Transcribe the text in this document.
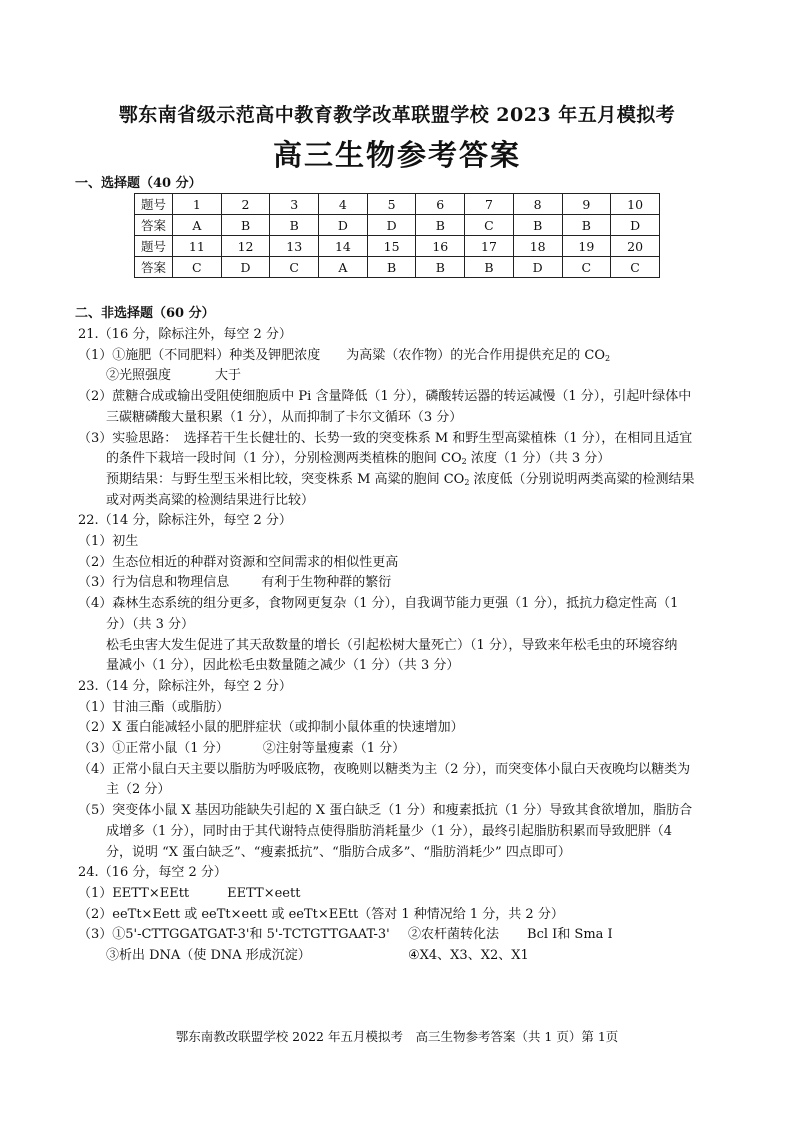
鄂东南省级示范高中教育教学改革联盟学校 2023 年五月模拟考
高三生物参考答案
一、选择题（40 分）
题号	1	2	3	4	5	6	7	8	9	10
答案	A	B	B	D	D	B	C	B	B	D
题号	11	12	13	14	15	16	17	18	19	20
答案	C	D	C	A	B	B	B	D	C	C
二、非选择题（60 分）
21.（16 分，除标注外，每空 2 分）
（1）①施肥（不同肥料）种类及钾肥浓度 为高粱（农作物）的光合作用提供充足的 $CO_2$
②光照强度	大于
（2）蔗糖合成或输出受阻使细胞质中 Pi 含量降低（1 分），磷酸转运器的转运减慢（1 分），引起叶绿体中
三碳糖磷酸大量积累（1 分），从而抑制了卡尔文循环（3 分）
（3）实验思路：　选择若干生长健壮的、长势一致的突变株系 M 和野生型高粱植株（1 分），在相同且适宜
的条件下栽培一段时间（1 分），分别检测两类植株的胞间 $CO_2$ 浓度（1 分）（共 3 分）
预期结果：与野生型玉米相比较，突变株系 M 高粱的胞间 $CO_2$ 浓度低（分别说明两类高粱的检测结果
或对两类高粱的检测结果进行比较）
22.（14 分，除标注外，每空 2 分）
（1）初生
（2）生态位相近的种群对资源和空间需求的相似性更高
（3）行为信息和物理信息 有利于生物种群的繁衍
（4）森林生态系统的组分更多，食物网更复杂（1 分），自我调节能力更强（1 分），抵抗力稳定性高（1
分）（共 3 分）
松毛虫害大发生促进了其天敌数量的增长（引起松树大量死亡）（1 分），导致来年松毛虫的环境容纳
量减小（1 分），因此松毛虫数量随之减少（1 分）（共 3 分）
23.（14 分，除标注外，每空 2 分）
（1）甘油三酯（或脂肪）
（2）X 蛋白能减轻小鼠的肥胖症状（或抑制小鼠体重的快速增加）
（3）①正常小鼠（1 分）	②注射等量瘦素（1 分）
（4）正常小鼠白天主要以脂肪为呼吸底物，夜晚则以糖类为主（2 分），而突变体小鼠白天夜晚均以糖类为
主（2 分）
（5）突变体小鼠 X 基因功能缺失引起的 X 蛋白缺乏（1 分）和瘦素抵抗（1 分）导致其食欲增加，脂肪合
成增多（1 分），同时由于其代谢特点使得脂肪消耗量少（1 分），最终引起脂肪积累而导致肥胖（4
分，说明 “X 蛋白缺乏”、“瘦素抵抗”、“脂肪合成多”、“脂肪消耗少” 四点即可）
24.（16 分，每空 2 分）
（1）EETT×EEtt	EETT×eett
（2）eeTt×Eett 或 eeTt×eett 或 eeTt×EEtt（答对 1 种情况给 1 分，共 2 分）
（3）①5'-CTTGGATGAT-3'和 5'-TCTGTTGAAT-3' ②农杆菌转化法 Bcl I和 Sma I
③析出 DNA（使 DNA 形成沉淀）	④X4、X3、X2、X1
鄂东南教改联盟学校 2022 年五月模拟考　高三生物参考答案（共 1 页）第 1页
